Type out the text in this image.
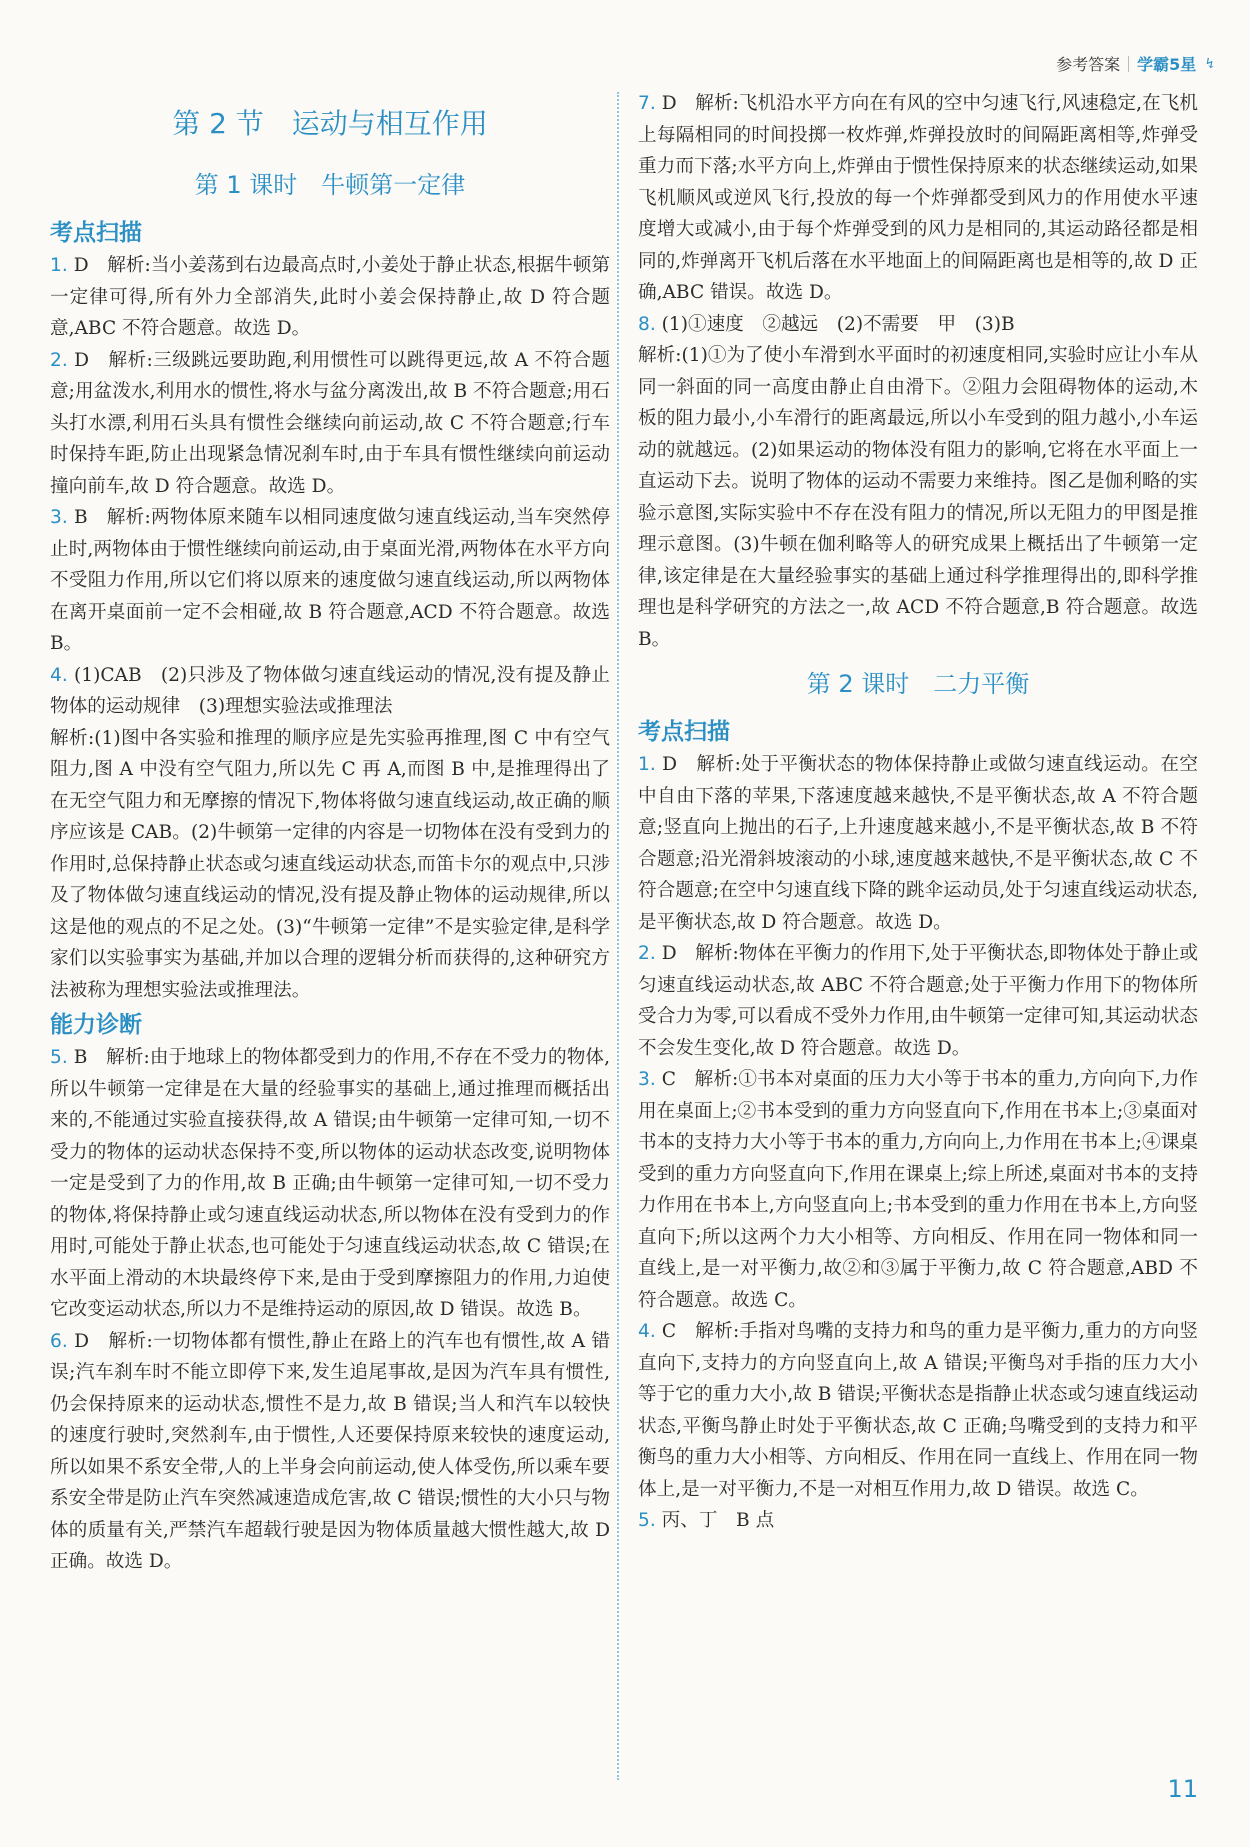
参考答案 学霸5星 ↯
第 2 节　运动与相互作用
第 1 课时　牛顿第一定律
考点扫描

1. D　解析:当小姜荡到右边最高点时,小姜处于静止状态,根据牛顿第一定律可得,所有外力全部消失,此时小姜会保持静止,故 D 符合题意,ABC 不符合题意。故选 D。

2. D　解析:三级跳远要助跑,利用惯性可以跳得更远,故 A 不符合题意;用盆泼水,利用水的惯性,将水与盆分离泼出,故 B 不符合题意;用石头打水漂,利用石头具有惯性会继续向前运动,故 C 不符合题意;行车时保持车距,防止出现紧急情况刹车时,由于车具有惯性继续向前运动撞向前车,故 D 符合题意。故选 D。

3. B　解析:两物体原来随车以相同速度做匀速直线运动,当车突然停止时,两物体由于惯性继续向前运动,由于桌面光滑,两物体在水平方向不受阻力作用,所以它们将以原来的速度做匀速直线运动,所以两物体在离开桌面前一定不会相碰,故 B 符合题意,ACD 不符合题意。故选 B。

4. (1)CAB　(2)只涉及了物体做匀速直线运动的情况,没有提及静止物体的运动规律　(3)理想实验法或推理法

解析:(1)图中各实验和推理的顺序应是先实验再推理,图 C 中有空气阻力,图 A 中没有空气阻力,所以先 C 再 A,而图 B 中,是推理得出了在无空气阻力和无摩擦的情况下,物体将做匀速直线运动,故正确的顺序应该是 CAB。(2)牛顿第一定律的内容是一切物体在没有受到力的作用时,总保持静止状态或匀速直线运动状态,而笛卡尔的观点中,只涉及了物体做匀速直线运动的情况,没有提及静止物体的运动规律,所以这是他的观点的不足之处。(3)“牛顿第一定律”不是实验定律,是科学家们以实验事实为基础,并加以合理的逻辑分析而获得的,这种研究方法被称为理想实验法或推理法。

能力诊断

5. B　解析:由于地球上的物体都受到力的作用,不存在不受力的物体,所以牛顿第一定律是在大量的经验事实的基础上,通过推理而概括出来的,不能通过实验直接获得,故 A 错误;由牛顿第一定律可知,一切不受力的物体的运动状态保持不变,所以物体的运动状态改变,说明物体一定是受到了力的作用,故 B 正确;由牛顿第一定律可知,一切不受力的物体,将保持静止或匀速直线运动状态,所以物体在没有受到力的作用时,可能处于静止状态,也可能处于匀速直线运动状态,故 C 错误;在水平面上滑动的木块最终停下来,是由于受到摩擦阻力的作用,力迫使它改变运动状态,所以力不是维持运动的原因,故 D 错误。故选 B。

6. D　解析:一切物体都有惯性,静止在路上的汽车也有惯性,故 A 错误;汽车刹车时不能立即停下来,发生追尾事故,是因为汽车具有惯性,仍会保持原来的运动状态,惯性不是力,故 B 错误;当人和汽车以较快的速度行驶时,突然刹车,由于惯性,人还要保持原来较快的速度运动,所以如果不系安全带,人的上半身会向前运动,使人体受伤,所以乘车要系安全带是防止汽车突然减速造成危害,故 C 错误;惯性的大小只与物体的质量有关,严禁汽车超载行驶是因为物体质量越大惯性越大,故 D 正确。故选 D。

7. D　解析:飞机沿水平方向在有风的空中匀速飞行,风速稳定,在飞机上每隔相同的时间投掷一枚炸弹,炸弹投放时的间隔距离相等,炸弹受重力而下落;水平方向上,炸弹由于惯性保持原来的状态继续运动,如果飞机顺风或逆风飞行,投放的每一个炸弹都受到风力的作用使水平速度增大或减小,由于每个炸弹受到的风力是相同的,其运动路径都是相同的,炸弹离开飞机后落在水平地面上的间隔距离也是相等的,故 D 正确,ABC 错误。故选 D。

8. (1)①速度　②越远　(2)不需要　甲　(3)B

解析:(1)①为了使小车滑到水平面时的初速度相同,实验时应让小车从同一斜面的同一高度由静止自由滑下。②阻力会阻碍物体的运动,木板的阻力最小,小车滑行的距离最远,所以小车受到的阻力越小,小车运动的就越远。(2)如果运动的物体没有阻力的影响,它将在水平面上一直运动下去。说明了物体的运动不需要力来维持。图乙是伽利略的实验示意图,实际实验中不存在没有阻力的情况,所以无阻力的甲图是推理示意图。(3)牛顿在伽利略等人的研究成果上概括出了牛顿第一定律,该定律是在大量经验事实的基础上通过科学推理得出的,即科学推理也是科学研究的方法之一,故 ACD 不符合题意,B 符合题意。故选 B。

第 2 课时　二力平衡
考点扫描

1. D　解析:处于平衡状态的物体保持静止或做匀速直线运动。在空中自由下落的苹果,下落速度越来越快,不是平衡状态,故 A 不符合题意;竖直向上抛出的石子,上升速度越来越小,不是平衡状态,故 B 不符合题意;沿光滑斜坡滚动的小球,速度越来越快,不是平衡状态,故 C 不符合题意;在空中匀速直线下降的跳伞运动员,处于匀速直线运动状态,是平衡状态,故 D 符合题意。故选 D。

2. D　解析:物体在平衡力的作用下,处于平衡状态,即物体处于静止或匀速直线运动状态,故 ABC 不符合题意;处于平衡力作用下的物体所受合力为零,可以看成不受外力作用,由牛顿第一定律可知,其运动状态不会发生变化,故 D 符合题意。故选 D。

3. C　解析:①书本对桌面的压力大小等于书本的重力,方向向下,力作用在桌面上;②书本受到的重力方向竖直向下,作用在书本上;③桌面对书本的支持力大小等于书本的重力,方向向上,力作用在书本上;④课桌受到的重力方向竖直向下,作用在课桌上;综上所述,桌面对书本的支持力作用在书本上,方向竖直向上;书本受到的重力作用在书本上,方向竖直向下;所以这两个力大小相等、方向相反、作用在同一物体和同一直线上,是一对平衡力,故②和③属于平衡力,故 C 符合题意,ABD 不符合题意。故选 C。

4. C　解析:手指对鸟嘴的支持力和鸟的重力是平衡力,重力的方向竖直向下,支持力的方向竖直向上,故 A 错误;平衡鸟对手指的压力大小等于它的重力大小,故 B 错误;平衡状态是指静止状态或匀速直线运动状态,平衡鸟静止时处于平衡状态,故 C 正确;鸟嘴受到的支持力和平衡鸟的重力大小相等、方向相反、作用在同一直线上、作用在同一物体上,是一对平衡力,不是一对相互作用力,故 D 错误。故选 C。

5. 丙、丁　B 点

11
